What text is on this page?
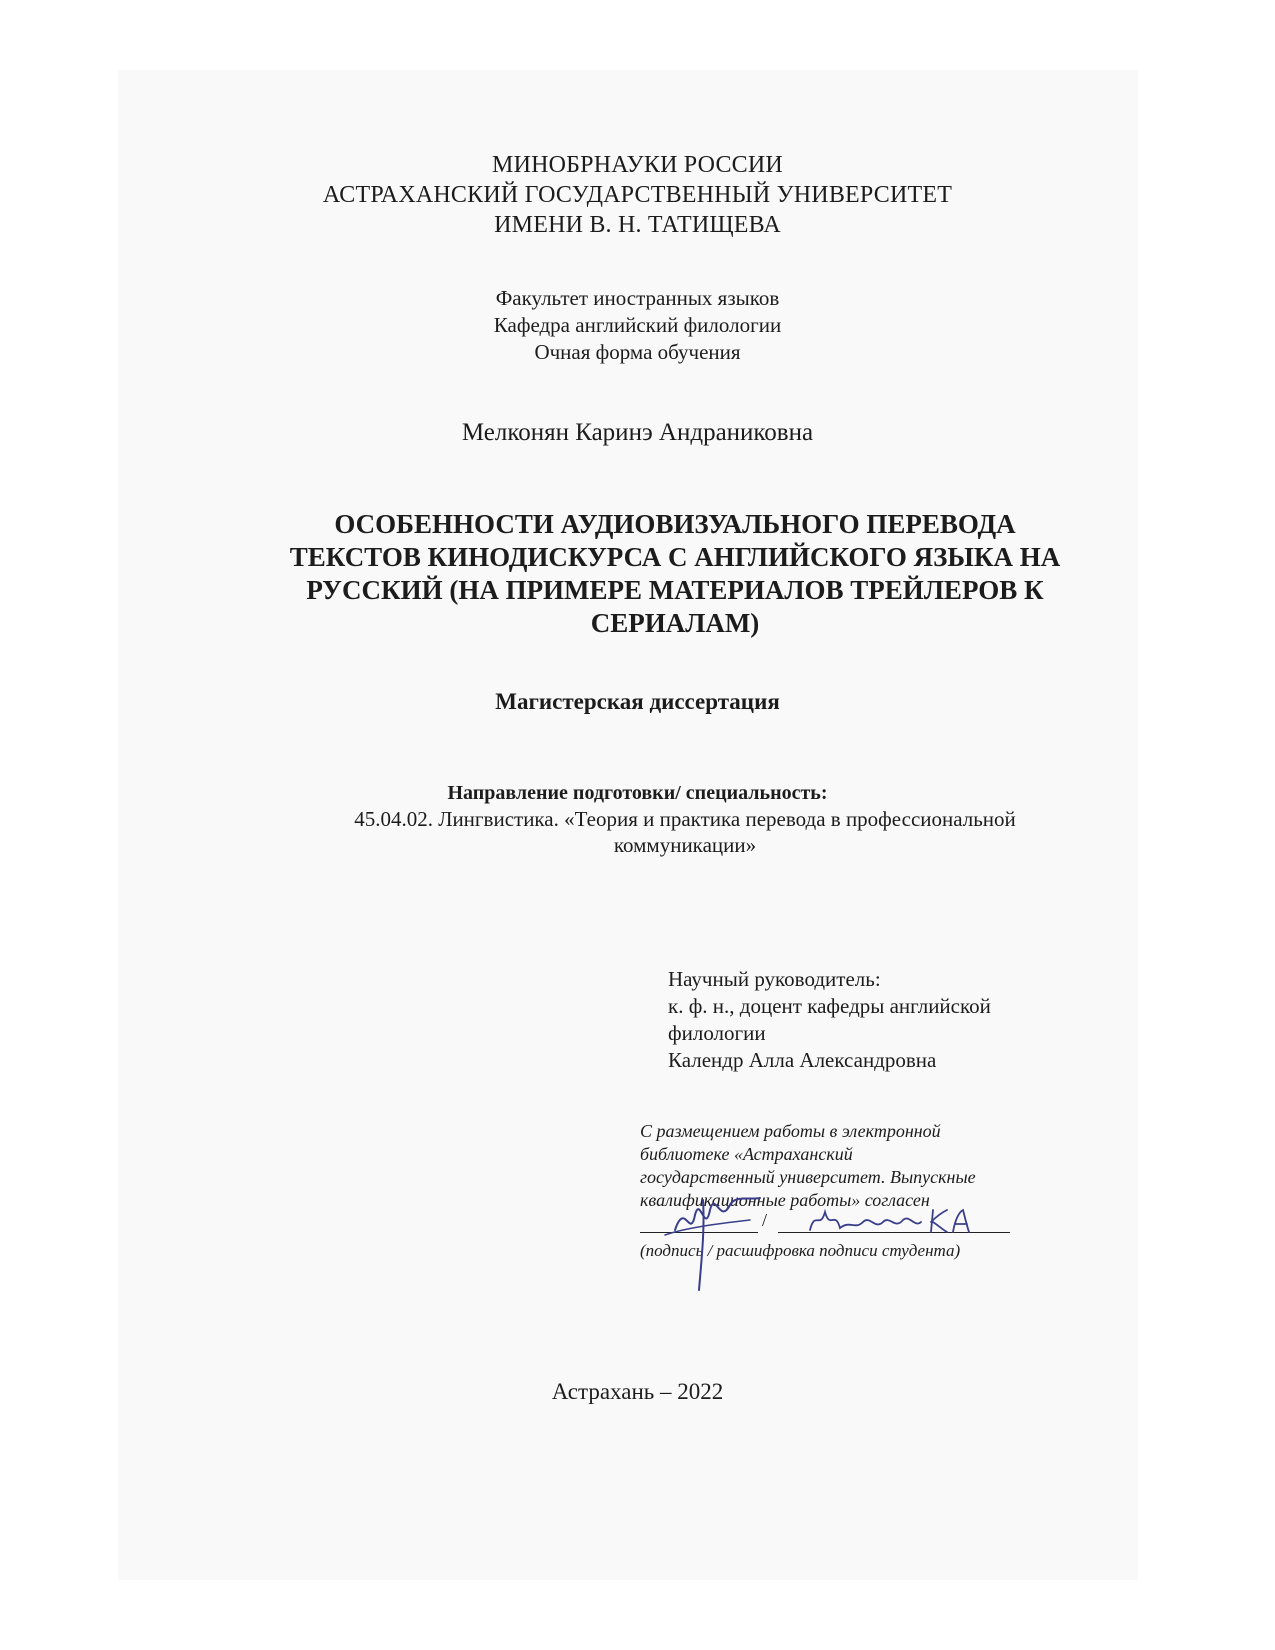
МИНОБРНАУКИ РОССИИ
АСТРАХАНСКИЙ ГОСУДАРСТВЕННЫЙ УНИВЕРСИТЕТ
ИМЕНИ В. Н. ТАТИЩЕВА
Факультет иностранных языков
Кафедра английский филологии
Очная форма обучения
Мелконян Каринэ Андраниковна
ОСОБЕННОСТИ АУДИОВИЗУАЛЬНОГО ПЕРЕВОДА
ТЕКСТОВ КИНОДИСКУРСА С АНГЛИЙСКОГО ЯЗЫКА НА
РУССКИЙ (НА ПРИМЕРЕ МАТЕРИАЛОВ ТРЕЙЛЕРОВ К
СЕРИАЛАМ)
Магистерская диссертация
Направление подготовки/ специальность:
45.04.02. Лингвистика. «Теория и практика перевода в профессиональной
коммуникации»
Научный руководитель:
к. ф. н., доцент кафедры английской
филологии
Календр Алла Александровна
С размещением работы в электронной
библиотеке «Астраханский
государственный университет. Выпускные
квалификационные работы» согласен
/
(подпись / расшифровка подписи студента)
Астрахань – 2022
